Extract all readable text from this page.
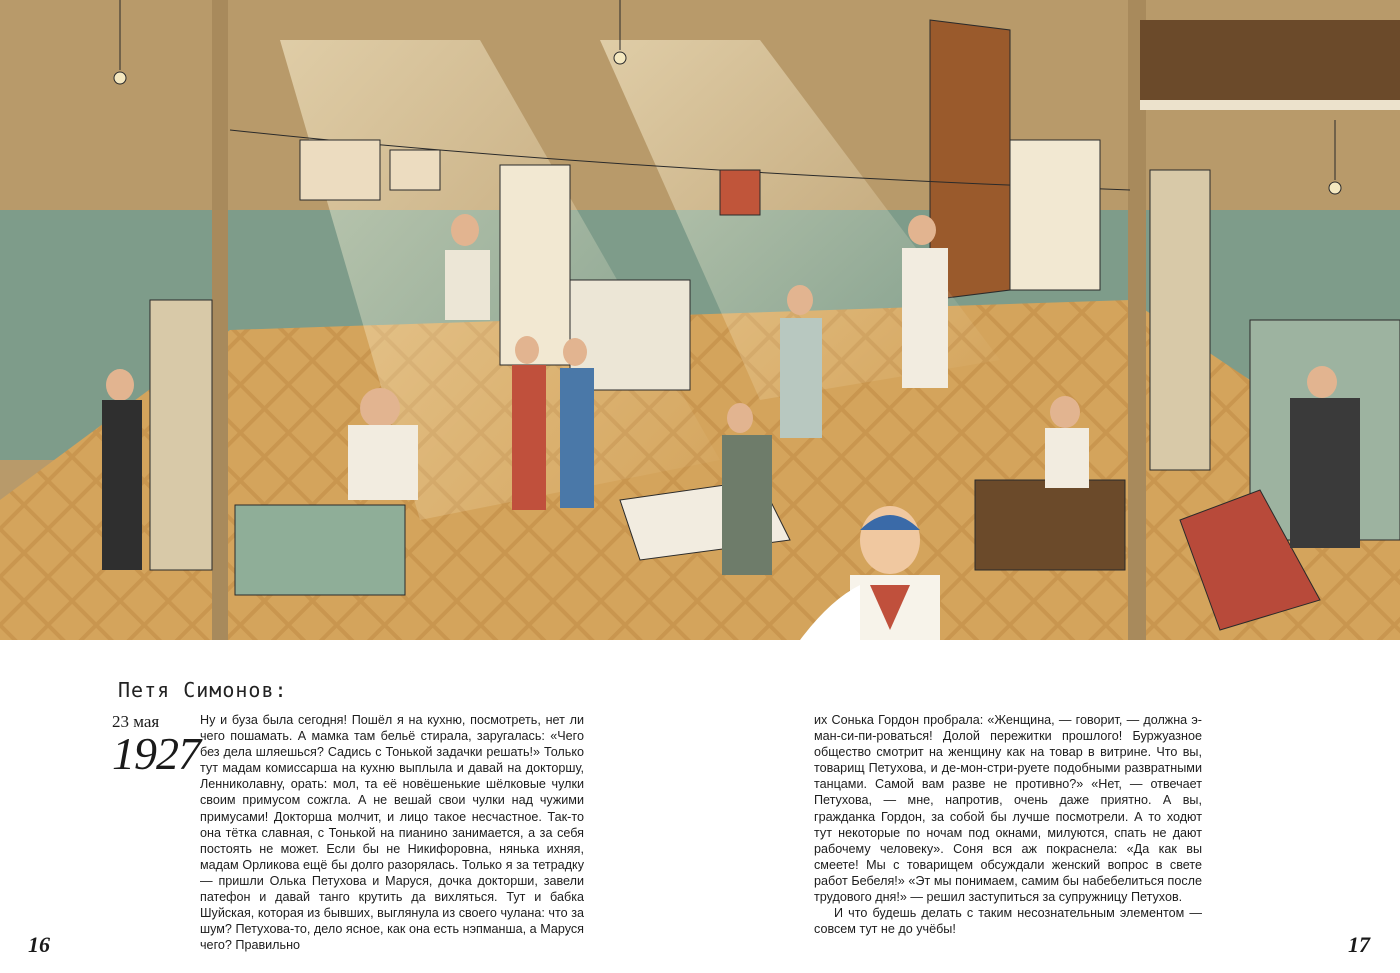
Петя Симонов:
23 мая
1927

Ну и буза была сегодня! Пошёл я на кухню, посмотреть, нет ли чего пошамать. А мамка там бельё стирала, заругалась: «Чего без дела шляешься? Садись с Тонькой задачки решать!» Только тут мадам комиссарша на кухню выплыла и давай на докторшу, Ленниколавну, орать: мол, та её новёшенькие шёлковые чулки своим примусом сожгла. А не вешай свои чулки над чужими примусами! Докторша молчит, и лицо такое несчастное. Так-то она тётка славная, с Тонькой на пианино занимается, а за себя постоять не может. Если бы не Никифоровна, нянька ихняя, мадам Орликова ещё бы долго разорялась. Только я за тетрадку — пришли Олька Петухова и Маруся, дочка докторши, завели патефон и давай танго крутить да вихляться. Тут и бабка Шуйская, которая из бывших, выглянула из своего чулана: что за шум? Петухова-то, дело ясное, как она есть нэпманша, а Маруся чего? Правильно

16

их Сонька Гордон пробрала: «Женщина, — говорит, — должна э-ман-си-пи-роваться! Долой пережитки прошлого! Буржуазное общество смотрит на женщину как на товар в витрине. Что вы, товарищ Петухова, и де-мон-стри-руете подобными развратными танцами. Самой вам разве не противно?» «Нет, — отвечает Петухова, — мне, напротив, очень даже приятно. А вы, гражданка Гордон, за собой бы лучше посмотрели. А то ходют тут некоторые по ночам под окнами, милуются, спать не дают рабочему человеку». Соня вся аж покраснела: «Да как вы смеете! Мы с товарищем обсуждали женский вопрос в свете работ Бебеля!» «Эт мы понимаем, самим бы набебелиться после трудового дня!» — решил заступиться за супружницу Петухов.

И что будешь делать с таким несознательным элементом — совсем тут не до учёбы!

17
